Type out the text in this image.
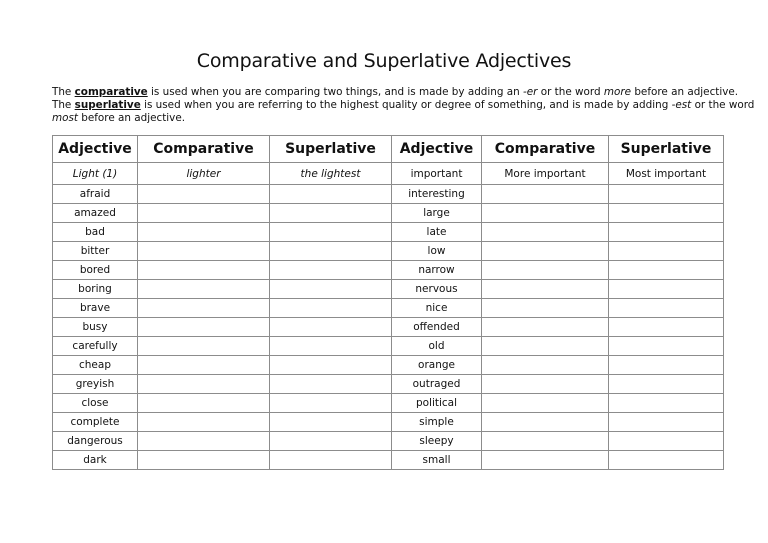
Comparative and Superlative Adjectives

The comparative is used when you are comparing two things, and is made by adding an -er or the word more before an adjective.

The superlative is used when you are referring to the highest quality or degree of something, and is made by adding -est or the word

most before an adjective.

Adjective	Comparative	Superlative	Adjective	Comparative	Superlative
Light (1)	lighter	the lightest	important	More important	Most important
afraid			interesting		
amazed			large		
bad			late		
bitter			low		
bored			narrow		
boring			nervous		
brave			nice		
busy			offended		
carefully			old		
cheap			orange		
greyish			outraged		
close			political		
complete			simple		
dangerous			sleepy		
dark			small		
